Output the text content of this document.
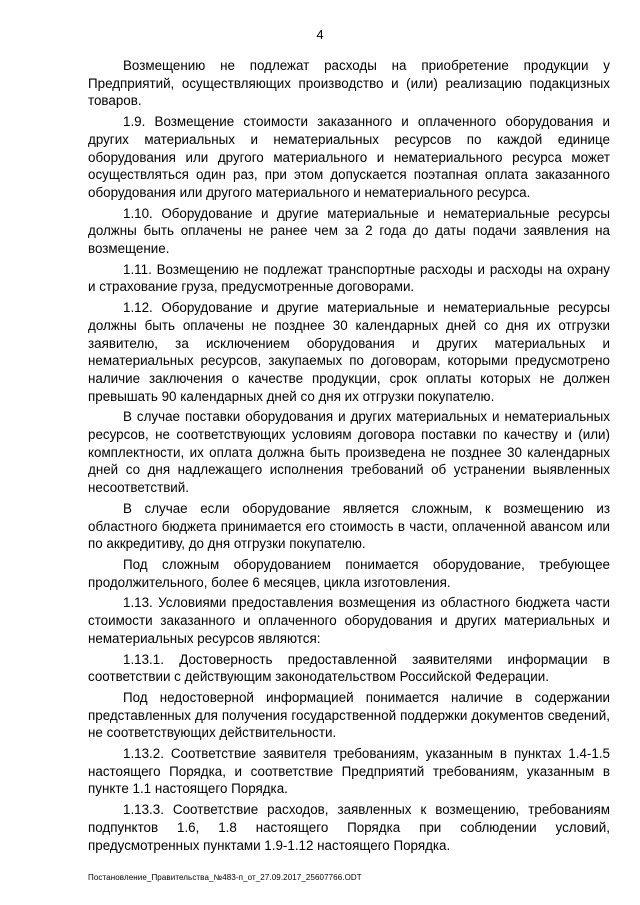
4

Возмещению не подлежат расходы на приобретение продукции у Предприятий, осуществляющих производство и (или) реализацию подакцизных товаров.

1.9. Возмещение стоимости заказанного и оплаченного оборудования и других материальных и нематериальных ресурсов по каждой единице оборудования или другого материального и нематериального ресурса может осуществляться один раз, при этом допускается поэтапная оплата заказанного оборудования или другого материального и нематериального ресурса.

1.10. Оборудование и другие материальные и нематериальные ресурсы должны быть оплачены не ранее чем за 2 года до даты подачи заявления на возмещение.

1.11. Возмещению не подлежат транспортные расходы и расходы на охрану и страхование груза, предусмотренные договорами.

1.12. Оборудование и другие материальные и нематериальные ресурсы должны быть оплачены не позднее 30 календарных дней со дня их отгрузки заявителю, за исключением оборудования и других материальных и нематериальных ресурсов, закупаемых по договорам, которыми предусмотрено наличие заключения о качестве продукции, срок оплаты которых не должен превышать 90 календарных дней со дня их отгрузки покупателю.

В случае поставки оборудования и других материальных и нематериальных ресурсов, не соответствующих условиям договора поставки по качеству и (или) комплектности, их оплата должна быть произведена не позднее 30 календарных дней со дня надлежащего исполнения требований об устранении выявленных несоответствий.

В случае если оборудование является сложным, к возмещению из областного бюджета принимается его стоимость в части, оплаченной авансом или по аккредитиву, до дня отгрузки покупателю.

Под сложным оборудованием понимается оборудование, требующее продолжительного, более 6 месяцев, цикла изготовления.

1.13. Условиями предоставления возмещения из областного бюджета части стоимости заказанного и оплаченного оборудования и других материальных и нематериальных ресурсов являются:

1.13.1. Достоверность предоставленной заявителями информации в соответствии с действующим законодательством Российской Федерации.

Под недостоверной информацией понимается наличие в содержании представленных для получения государственной поддержки документов сведений, не соответствующих действительности.

1.13.2. Соответствие заявителя требованиям, указанным в пунктах 1.4-1.5 настоящего Порядка, и соответствие Предприятий требованиям, указанным в пункте 1.1 настоящего Порядка.

1.13.3. Соответствие расходов, заявленных к возмещению, требованиям подпунктов 1.6, 1.8 настоящего Порядка при соблюдении условий, предусмотренных пунктами 1.9-1.12 настоящего Порядка.

Постановление_Правительства_№483-п_от_27.09.2017_25607766.ODT
